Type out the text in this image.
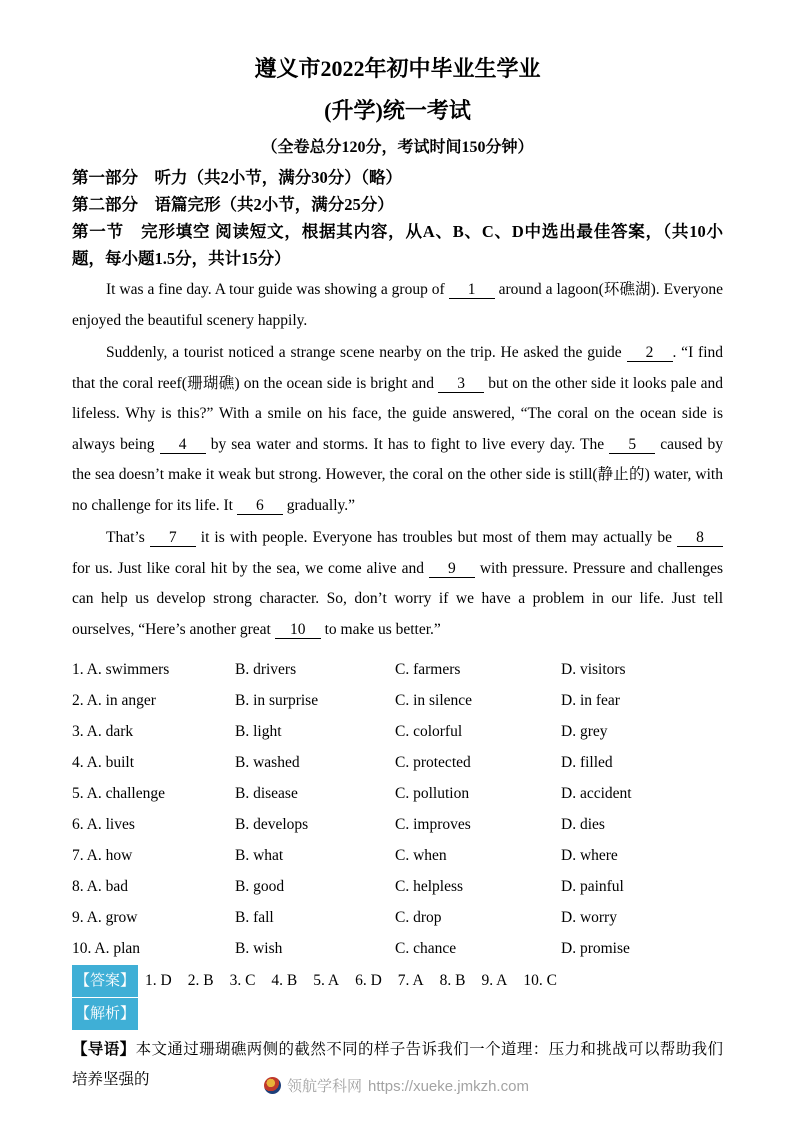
遵义市2022年初中毕业生学业
(升学)统一考试
（全卷总分120分，考试时间150分钟）
第一部分　听力（共2小节，满分30分）（略）
第二部分　语篇完形（共2小节，满分25分）
第一节　完形填空 阅读短文，根据其内容，从A、B、C、D中选出最佳答案，（共10小题，每小题1.5分，共计15分）

It was a fine day. A tour guide was showing a group of 1 around a lagoon(环礁湖). Everyone enjoyed the beautiful scenery happily.

Suddenly, a tourist noticed a strange scene nearby on the trip. He asked the guide 2 . “I find that the coral reef(珊瑚礁) on the ocean side is bright and 3 but on the other side it looks pale and lifeless. Why is this?” With a smile on his face, the guide answered, “The coral on the ocean side is always being 4 by sea water and storms. It has to fight to live every day. The 5 caused by the sea doesn’t make it weak but strong. However, the coral on the other side is still(静止的) water, with no challenge for its life. It 6 gradually.”

That’s 7 it is with people. Everyone has troubles but most of them may actually be 8 for us. Just like coral hit by the sea, we come alive and 9 with pressure. Pressure and challenges can help us develop strong character. So, don’t worry if we have a problem in our life. Just tell ourselves, “Here’s another great 10 to make us better.”

1. A. swimmers	B. drivers	C. farmers	D. visitors
2. A. in anger	B. in surprise	C. in silence	D. in fear
3. A. dark	B. light	C. colorful	D. grey
4. A. built	B. washed	C. protected	D. filled
5. A. challenge	B. disease	C. pollution	D. accident
6. A. lives	B. develops	C. improves	D. dies
7. A. how	B. what	C. when	D. where
8. A. bad	B. good	C. helpless	D. painful
9. A. grow	B. fall	C. drop	D. worry
10. A. plan	B. wish	C. chance	D. promise
【答案】 1. D 2. B 3. C 4. B 5. A 6. D 7. A 8. B 9. A 10. C
【解析】

【导语】本文通过珊瑚礁两侧的截然不同的样子告诉我们一个道理：压力和挑战可以帮助我们培养坚强的	领航学科网 https://xueke.jmkzh.com
